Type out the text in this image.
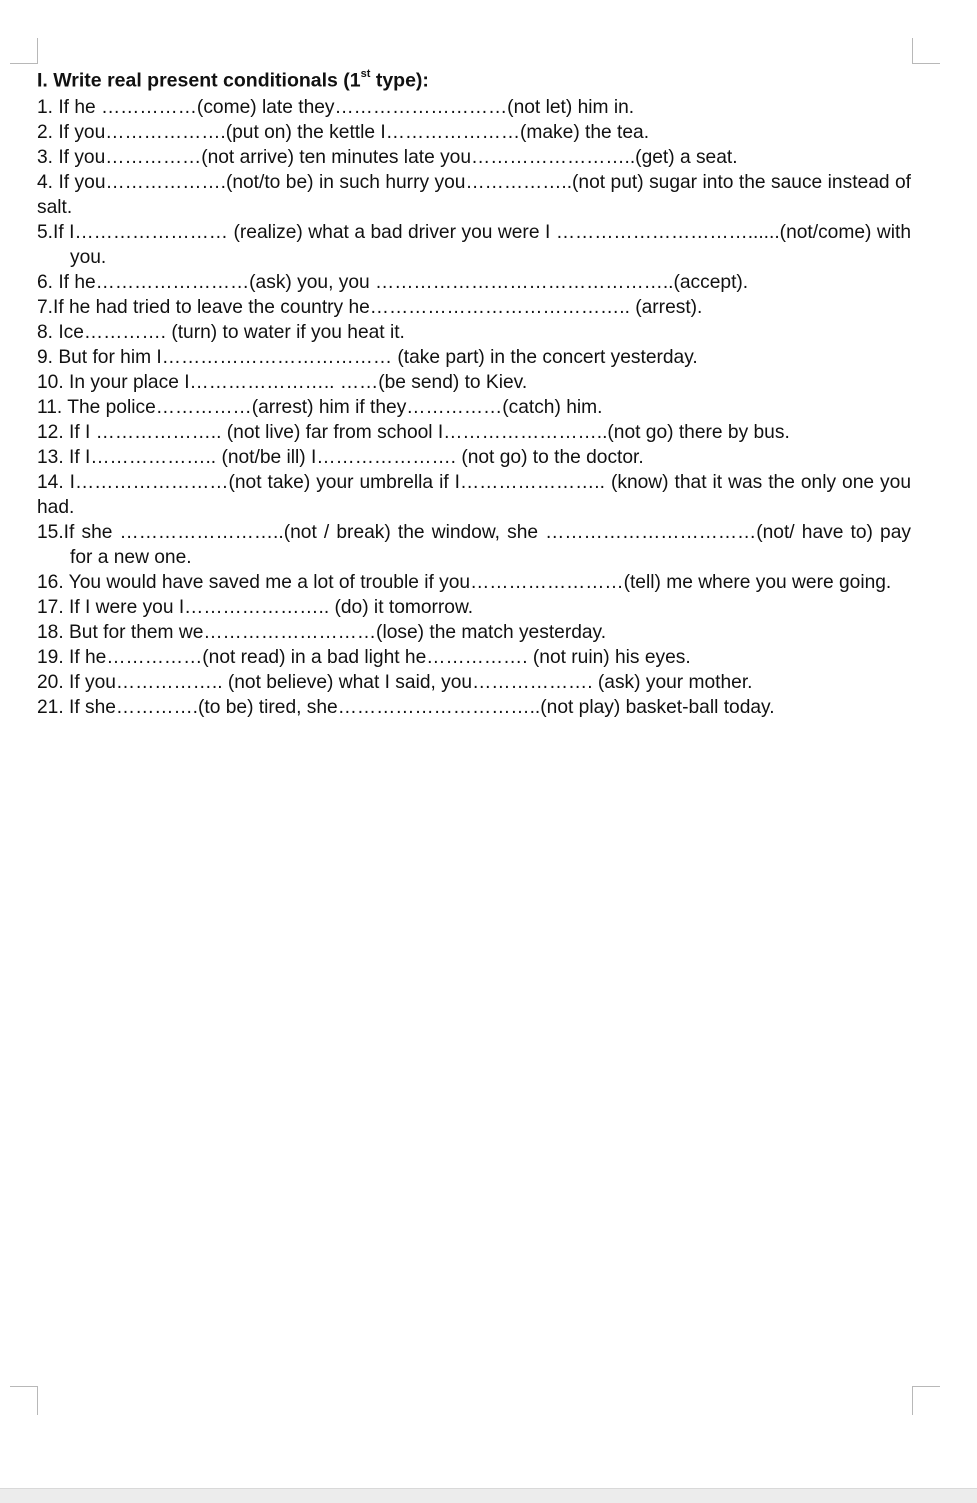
I. Write real present conditionals (1st type):

1. If he ……………(come) late they………………………(not let) him in.

2. If you……………….(put on) the kettle I…………………(make) the tea.

3. If you……………(not arrive) ten minutes late you……………………..(get) a seat.

4. If you……………….(not/to be) in such hurry you……………..(not put) sugar into the sauce instead of salt.

5.If I…………………… (realize) what a bad driver you were I …………………………......(not/come) with
you.

6. If he……………………(ask) you, you ………………………………………..(accept).

7.If he had tried to leave the country he………………………………….. (arrest).

8. Ice…………. (turn) to water if you heat it.

9. But for him I……………………………… (take part) in the concert yesterday.

10. In your place I………………….. ……(be send) to Kiev.

11. The police……………(arrest) him if they……………(catch) him.

12. If I ……………….. (not live) far from school I……………………..(not go) there by bus.

13. If I……………….. (not/be ill) I…………………. (not go) to the doctor.

14. I……………………(not take) your umbrella if I………………….. (know) that it was the only one you had.

15.If she ……………………..(not / break) the window, she ……………………………(not/ have to) pay
for a new one.

16. You would have saved me a lot of trouble if you……………………(tell) me where you were going.

17. If I were you I………………….. (do) it tomorrow.

18. But for them we………………………(lose) the match yesterday.

19. If he……………(not read) in a bad light he……………. (not ruin) his eyes.

20. If you…………….. (not believe) what I said, you………………. (ask) your mother.

21. If she………….(to be) tired, she…………………………..(not play) basket-ball today.
